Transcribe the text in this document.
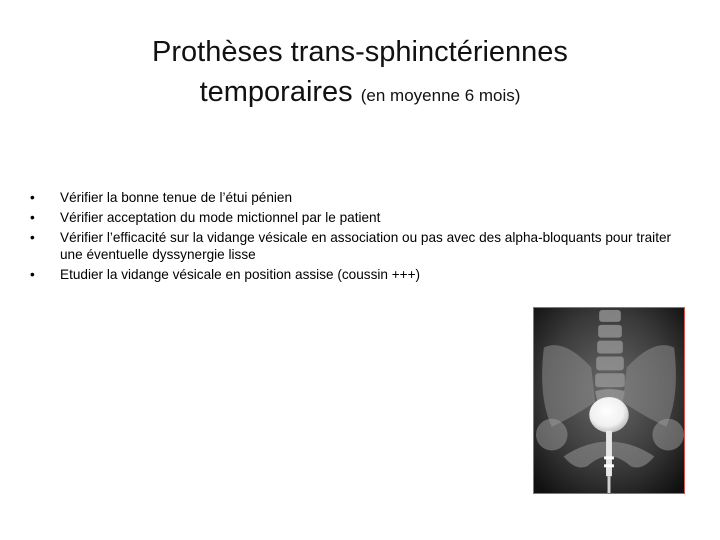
Prothèses trans-sphinctériennes
temporaires (en moyenne 6 mois)
• Vérifier la bonne tenue de l’étui pénien
• Vérifier acceptation du mode mictionnel par le patient
• Vérifier l’efficacité sur la vidange vésicale en association ou pas avec des alpha-bloquants pour traiter une éventuelle dyssynergie lisse
• Etudier la vidange vésicale en position assise (coussin +++)
